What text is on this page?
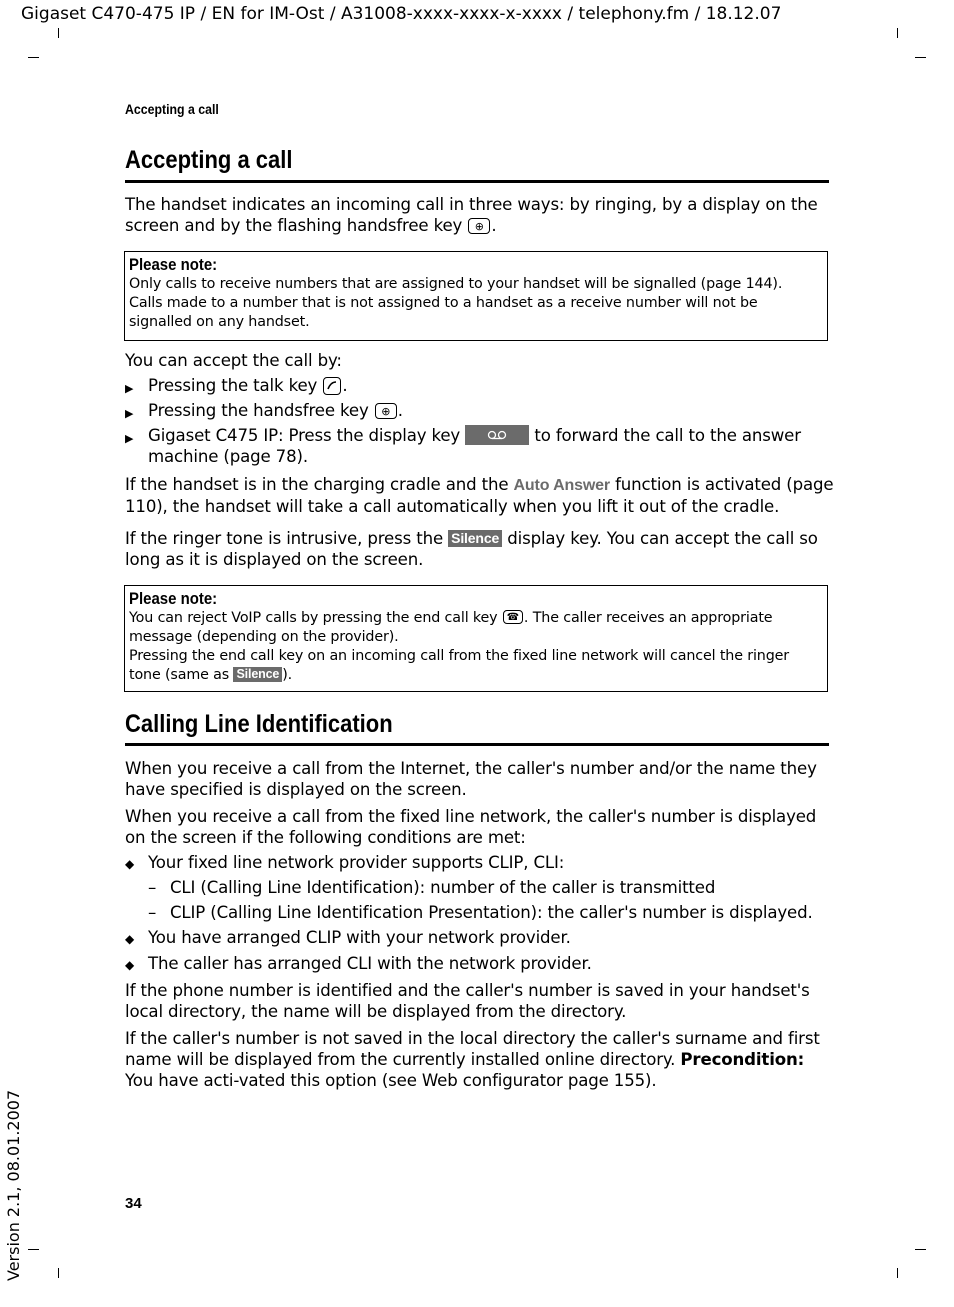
Gigaset C470-475 IP / EN for IM-Ost / A31008-xxxx-xxxx-x-xxxx / telephony.fm / 18.12.07
Accepting a call
Accepting a call
The handset indicates an incoming call in three ways: by ringing, by a display on the screen and by the flashing handsfree key	⊕ .
Please note:
Only calls to receive numbers that are assigned to your handset will be signalled (page 144).
Calls made to a number that is not assigned to a handset as a receive number will not be signalled on any handset.
You can accept the call by:
▶ Pressing the talk key .
▶ Pressing the handsfree key	⊕ .
▶ Gigaset C475 IP: Press the display key	to forward the call to the answer machine (page 78).
If the handset is in the charging cradle and the Auto Answer function is activated (page 110), the handset will take a call automatically when you lift it out of the cradle.
If the ringer tone is intrusive, press the Silence display key. You can accept the call so long as it is displayed on the screen.
Please note:
You can reject VoIP calls by pressing the end call key ☎ . The caller receives an appropriate message (depending on the provider).
Pressing the end call key on an incoming call from the fixed line network will cancel the ringer tone (same as Silence ).
Calling Line Identification
When you receive a call from the Internet, the caller's number and/or the name they have specified is displayed on the screen.
When you receive a call from the fixed line network, the caller's number is displayed on the screen if the following conditions are met:
◆ Your fixed line network provider supports CLIP, CLI:
– CLI (Calling Line Identification): number of the caller is transmitted
– CLIP (Calling Line Identification Presentation): the caller's number is displayed.
◆ You have arranged CLIP with your network provider.
◆ The caller has arranged CLI with the network provider.
If the phone number is identified and the caller's number is saved in your handset's local directory, the name will be displayed from the directory.
If the caller's number is not saved in the local directory the caller's surname and first name will be displayed from the currently installed online directory. Precondition: You have acti-vated this option (see Web configurator page 155).
34
Version 2.1, 08.01.2007
